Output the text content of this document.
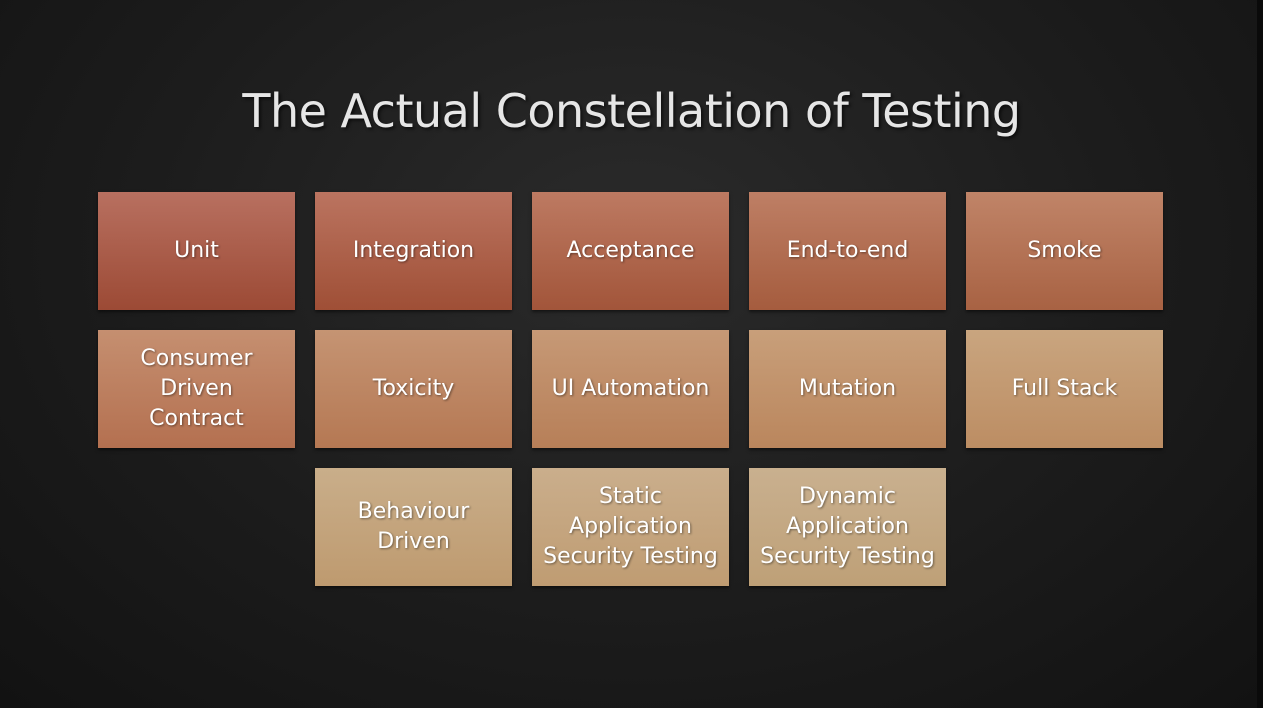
The Actual Constellation of Testing
Unit	Integration	Acceptance	End-to-end	Smoke
Consumer
Driven
Contract
Toxicity	UI Automation	Mutation	Full Stack
Behaviour
Driven
Static
Application
Security Testing
Dynamic
Application
Security Testing
